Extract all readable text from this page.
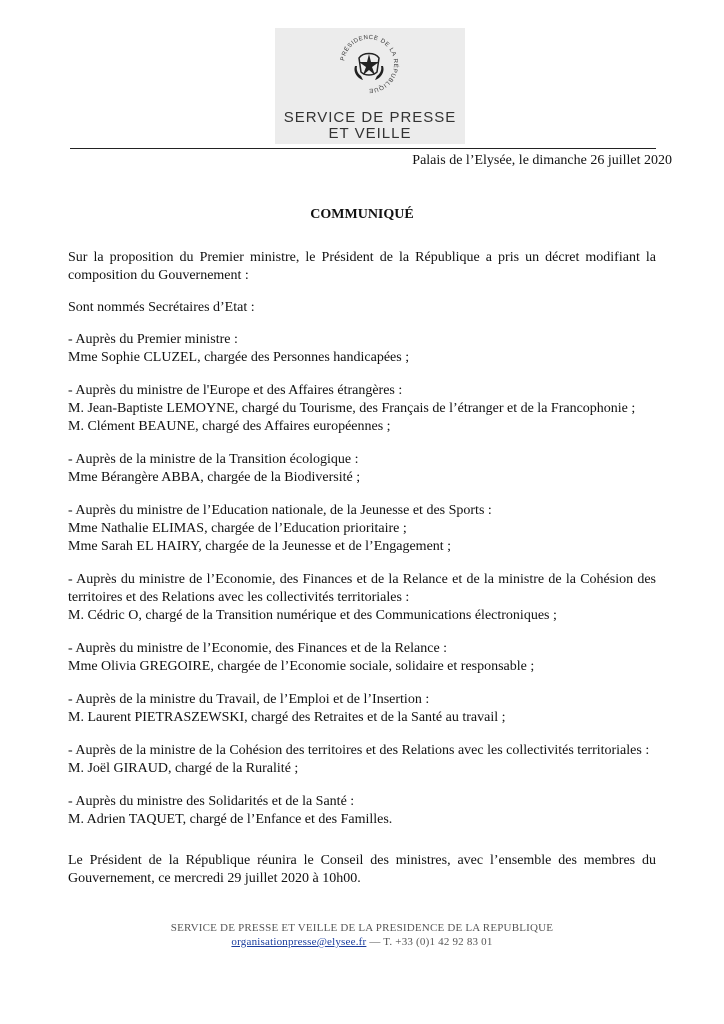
PRÉSIDENCE DE LA RÉPUBLIQUE
SERVICE DE PRESSE
ET VEILLE
Palais de l’Elysée, le dimanche 26 juillet 2020
COMMUNIQUÉ

Sur la proposition du Premier ministre, le Président de la République a pris un décret modifiant la composition du Gouvernement :

Sont nommés Secrétaires d’Etat :

- Auprès du Premier ministre :
Mme Sophie CLUZEL, chargée des Personnes handicapées ;
- Auprès du ministre de l'Europe et des Affaires étrangères :
M. Jean-Baptiste LEMOYNE, chargé du Tourisme, des Français de l’étranger et de la Francophonie ;
M. Clément BEAUNE, chargé des Affaires européennes ;
- Auprès de la ministre de la Transition écologique :
Mme Bérangère ABBA, chargée de la Biodiversité ;
- Auprès du ministre de l’Education nationale, de la Jeunesse et des Sports :
Mme Nathalie ELIMAS, chargée de l’Education prioritaire ;
Mme Sarah EL HAIRY, chargée de la Jeunesse et de l’Engagement ;
- Auprès du ministre de l’Economie, des Finances et de la Relance et de la ministre de la Cohésion des territoires et des Relations avec les collectivités territoriales :
M. Cédric O, chargé de la Transition numérique et des Communications électroniques ;
- Auprès du ministre de l’Economie, des Finances et de la Relance :
Mme Olivia GREGOIRE, chargée de l’Economie sociale, solidaire et responsable ;
- Auprès de la ministre du Travail, de l’Emploi et de l’Insertion :
M. Laurent PIETRASZEWSKI, chargé des Retraites et de la Santé au travail ;
- Auprès de la ministre de la Cohésion des territoires et des Relations avec les collectivités territoriales :
M. Joël GIRAUD, chargé de la Ruralité ;
- Auprès du ministre des Solidarités et de la Santé :
M. Adrien TAQUET, chargé de l’Enfance et des Familles.
Le Président de la République réunira le Conseil des ministres, avec l’ensemble des membres du Gouvernement, ce mercredi 29 juillet 2020 à 10h00.
SERVICE DE PRESSE ET VEILLE DE LA PRESIDENCE DE LA REPUBLIQUE
organisationpresse@elysee.fr — T. +33 (0)1 42 92 83 01
